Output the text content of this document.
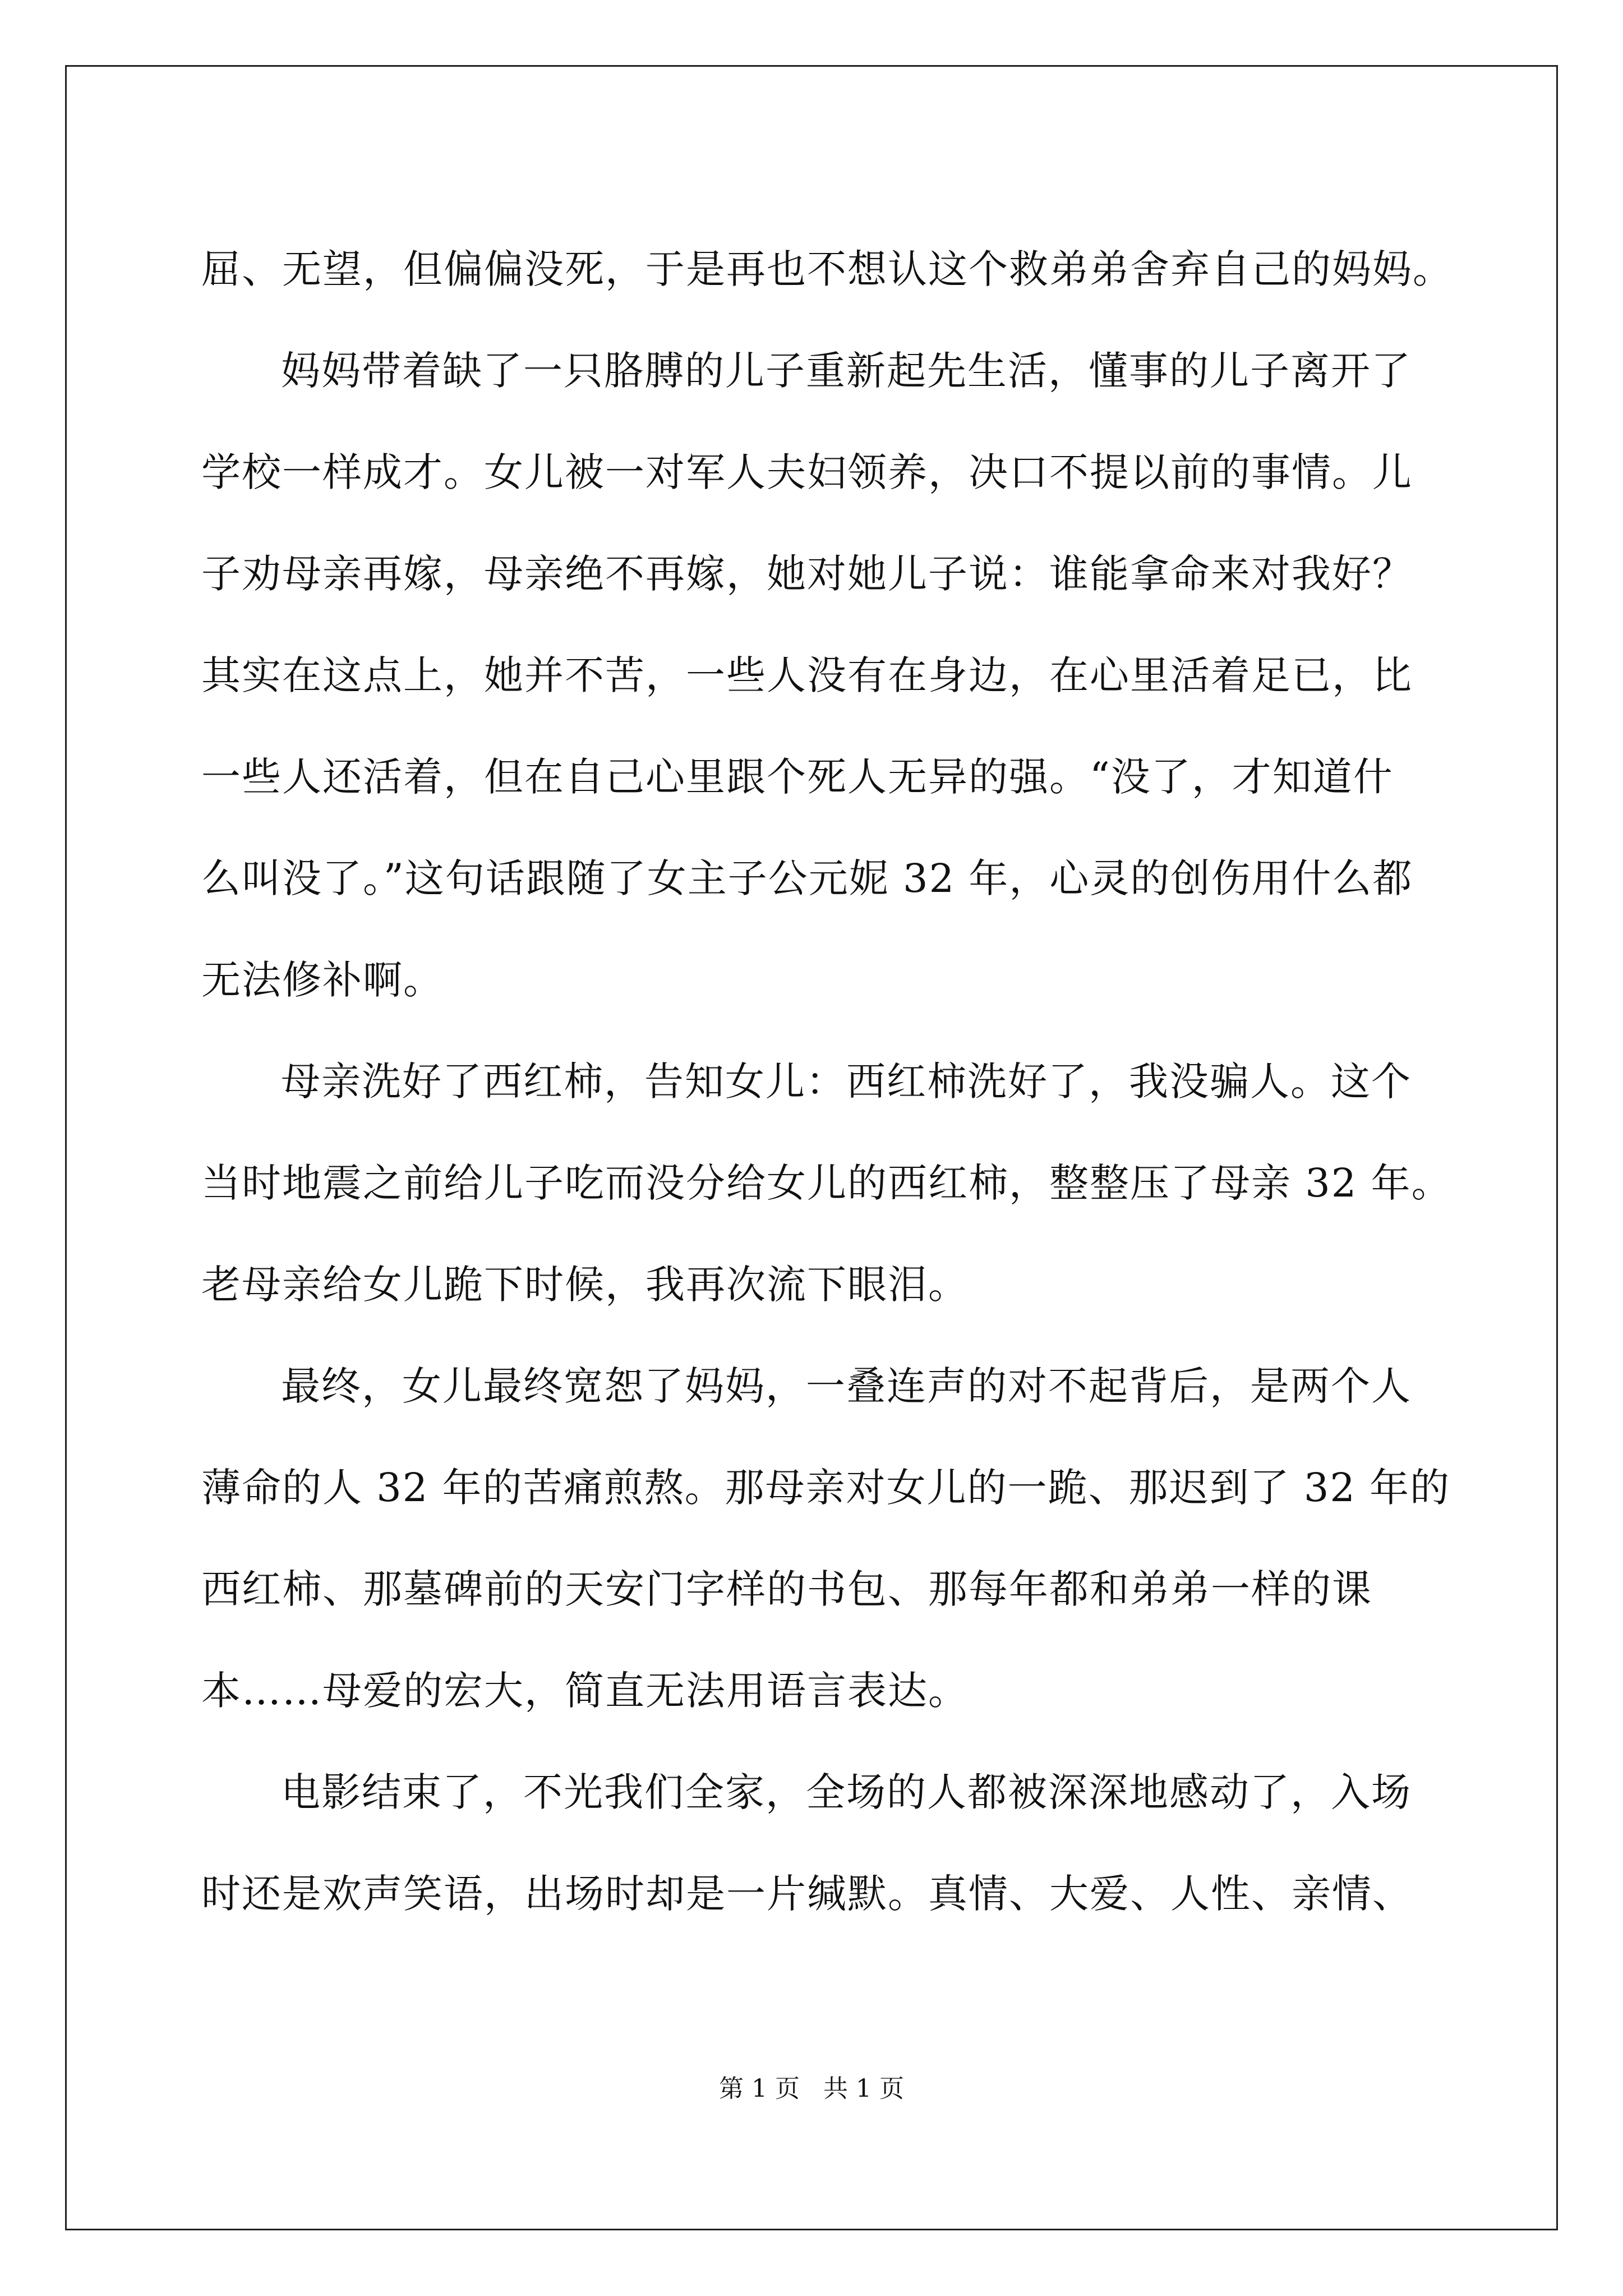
屈、无望，但偏偏没死，于是再也不想认这个救弟弟舍弃自己的妈妈。
妈妈带着缺了一只胳膊的儿子重新起先生活，懂事的儿子离开了
学校一样成才。女儿被一对军人夫妇领养，决口不提以前的事情。儿
子劝母亲再嫁，母亲绝不再嫁，她对她儿子说：谁能拿命来对我好？
其实在这点上，她并不苦，一些人没有在身边，在心里活着足已，比
一些人还活着，但在自己心里跟个死人无异的强。“没了，才知道什
么叫没了。”这句话跟随了女主子公元妮 32 年，心灵的创伤用什么都
无法修补啊。
母亲洗好了西红柿，告知女儿：西红柿洗好了，我没骗人。这个
当时地震之前给儿子吃而没分给女儿的西红柿，整整压了母亲 32 年。
老母亲给女儿跪下时候，我再次流下眼泪。
最终，女儿最终宽恕了妈妈，一叠连声的对不起背后，是两个人
薄命的人 32 年的苦痛煎熬。那母亲对女儿的一跪、那迟到了 32 年的
西红柿、那墓碑前的天安门字样的书包、那每年都和弟弟一样的课
本……母爱的宏大，简直无法用语言表达。
电影结束了，不光我们全家，全场的人都被深深地感动了，入场
时还是欢声笑语，出场时却是一片缄默。真情、大爱、人性、亲情、
第 1 页   共 1 页
